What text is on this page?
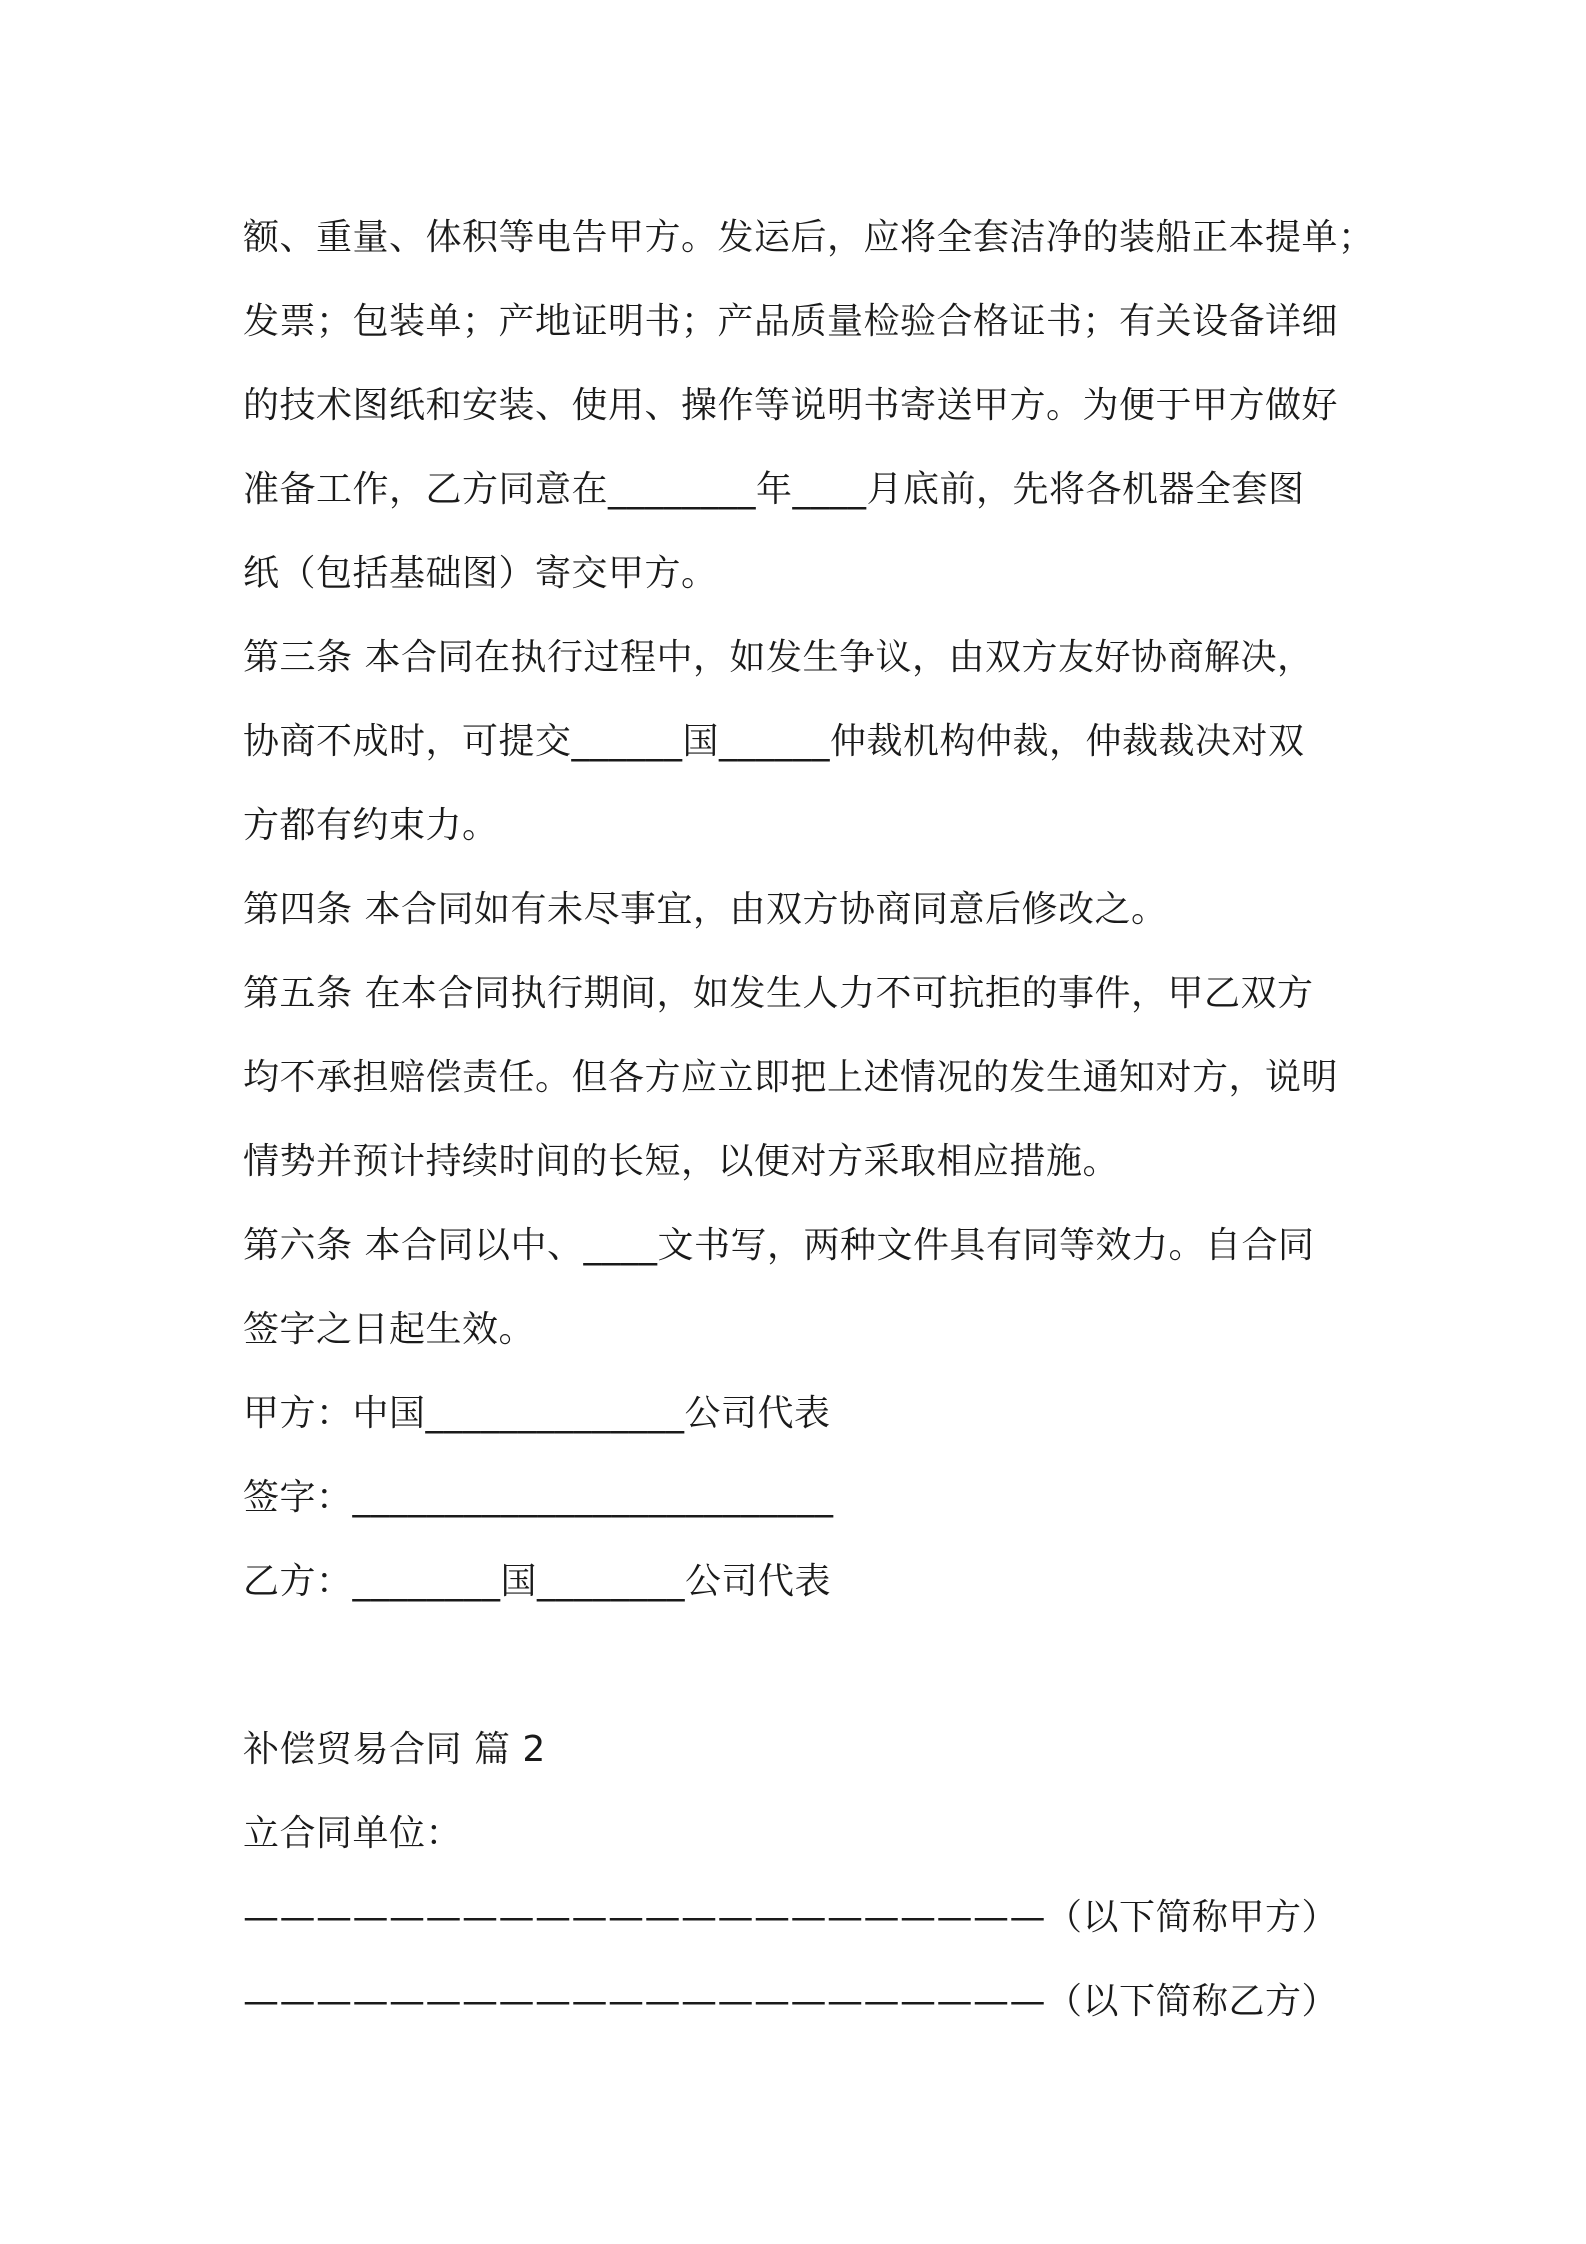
额、重量、体积等电告甲方。发运后，应将全套洁净的装船正本提单；
发票；包装单；产地证明书；产品质量检验合格证书；有关设备详细
的技术图纸和安装、使用、操作等说明书寄送甲方。为便于甲方做好
准备工作，乙方同意在________年____月底前，先将各机器全套图
纸（包括基础图）寄交甲方。
第三条 本合同在执行过程中，如发生争议，由双方友好协商解决，
协商不成时，可提交______国______仲裁机构仲裁，仲裁裁决对双
方都有约束力。
第四条 本合同如有未尽事宜，由双方协商同意后修改之。
第五条 在本合同执行期间，如发生人力不可抗拒的事件，甲乙双方
均不承担赔偿责任。但各方应立即把上述情况的发生通知对方，说明
情势并预计持续时间的长短，以便对方采取相应措施。
第六条 本合同以中、____文书写，两种文件具有同等效力。自合同
签字之日起生效。
甲方：中国______________公司代表
签字：__________________________
乙方：________国________公司代表
补偿贸易合同 篇 2
立合同单位：
——————————————————————（以下简称甲方）
——————————————————————（以下简称乙方）
